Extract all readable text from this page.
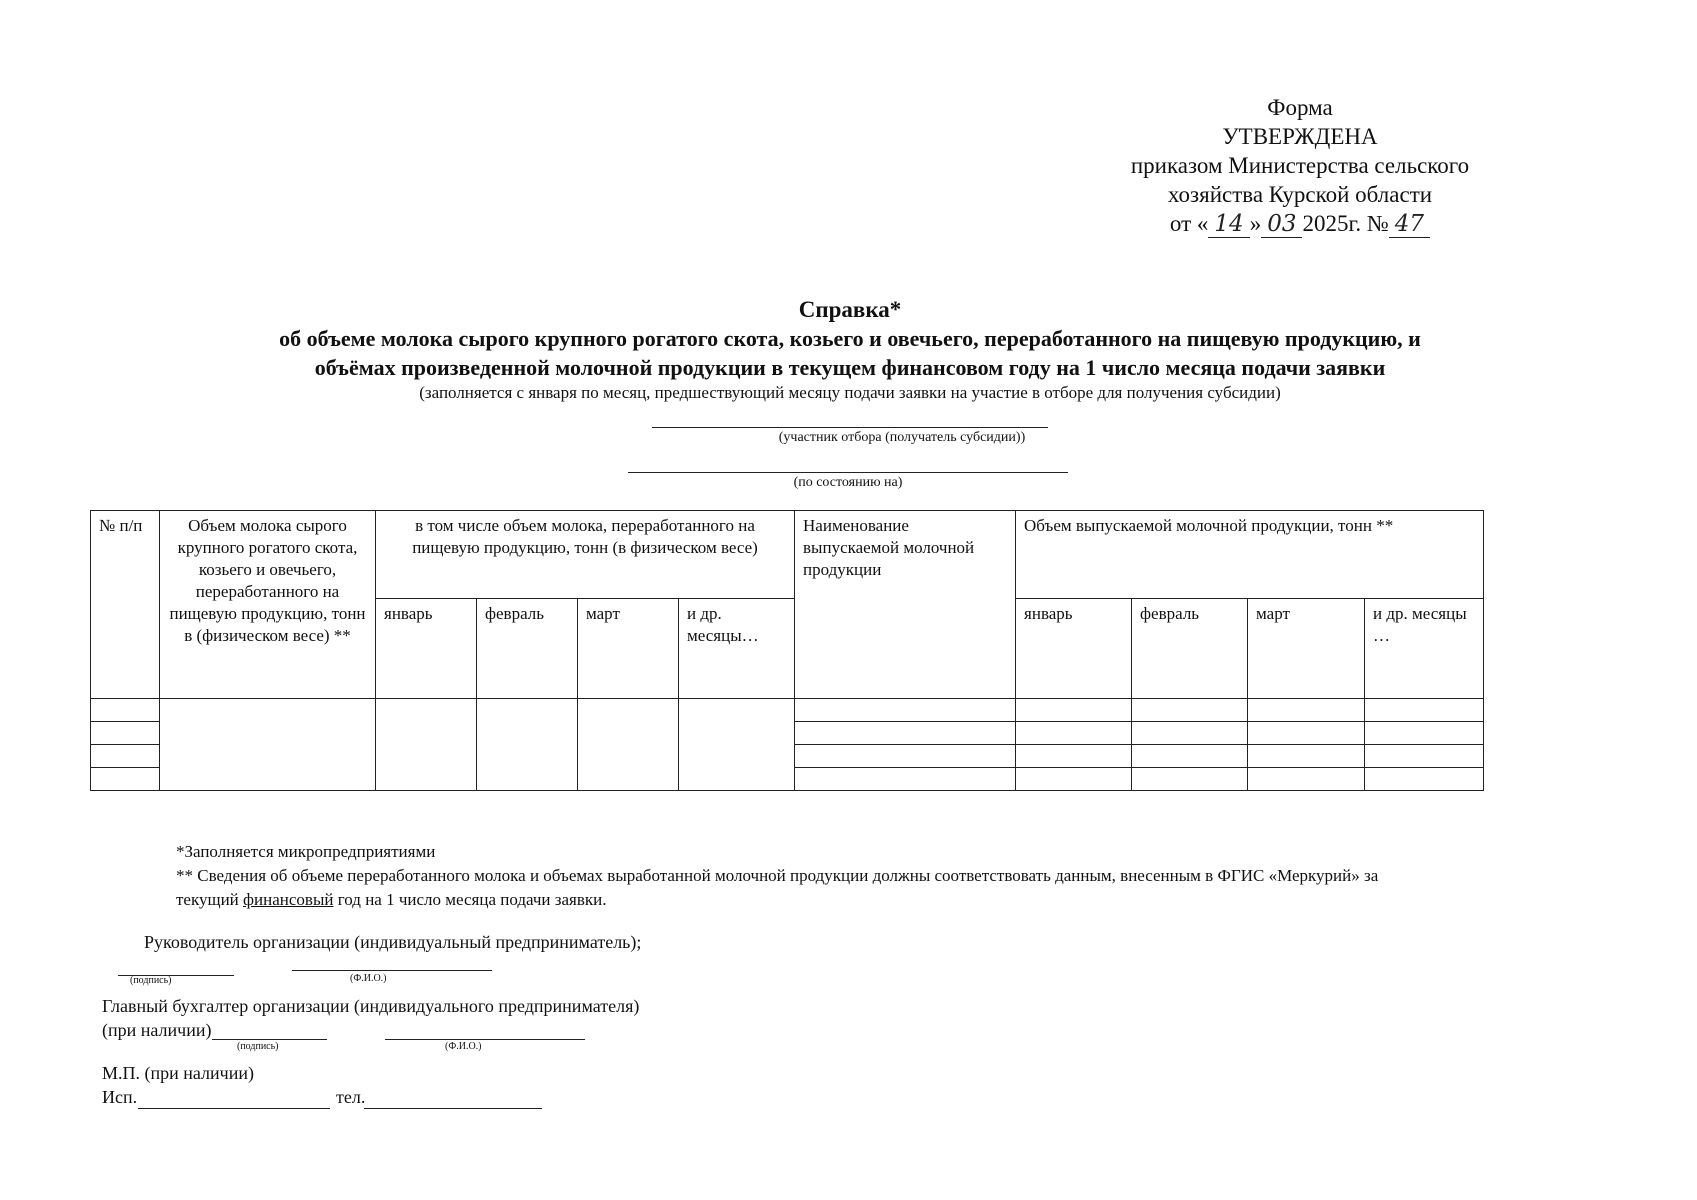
Форма
УТВЕРЖДЕНА
приказом Министерства сельского
хозяйства Курской области
от « 14 » 03 2025г. № 47
Справка*
об объеме молока сырого крупного рогатого скота, козьего и овечьего, переработанного на пищевую продукцию, и
объёмах произведенной молочной продукции в текущем финансовом году на 1 число месяца подачи заявки
(заполняется с января по месяц, предшествующий месяцу подачи заявки на участие в отборе для получения субсидии)
(участник отбора (получатель субсидии))
(по состоянию на)
№ п/п	Объем молока сырого крупного рогатого скота, козьего и овечьего, переработанного на пищевую продукцию, тонн в (физическом весе) **	в том числе объем молока, переработанного на пищевую продукцию, тонн (в физическом весе)				Наименование выпускаемой молочной продукции	Объем выпускаемой молочной продукции, тонн **			
		январь	февраль	март	и др. месяцы…		январь	февраль	март	и др. месяцы …

*Заполняется микропредприятиями
** Сведения об объеме переработанного молока и объемах выработанной молочной продукции должны соответствовать данным, внесенным в ФГИС «Меркурий» за
текущий финансовый год на 1 число месяца подачи заявки.
Руководитель организации (индивидуальный предприниматель);
(подпись)	(Ф.И.О.)
Главный бухгалтер организации (индивидуального предпринимателя)
(при наличии)
(подпись)	(Ф.И.О.)
М.П. (при наличии)
Исп.	тел.
